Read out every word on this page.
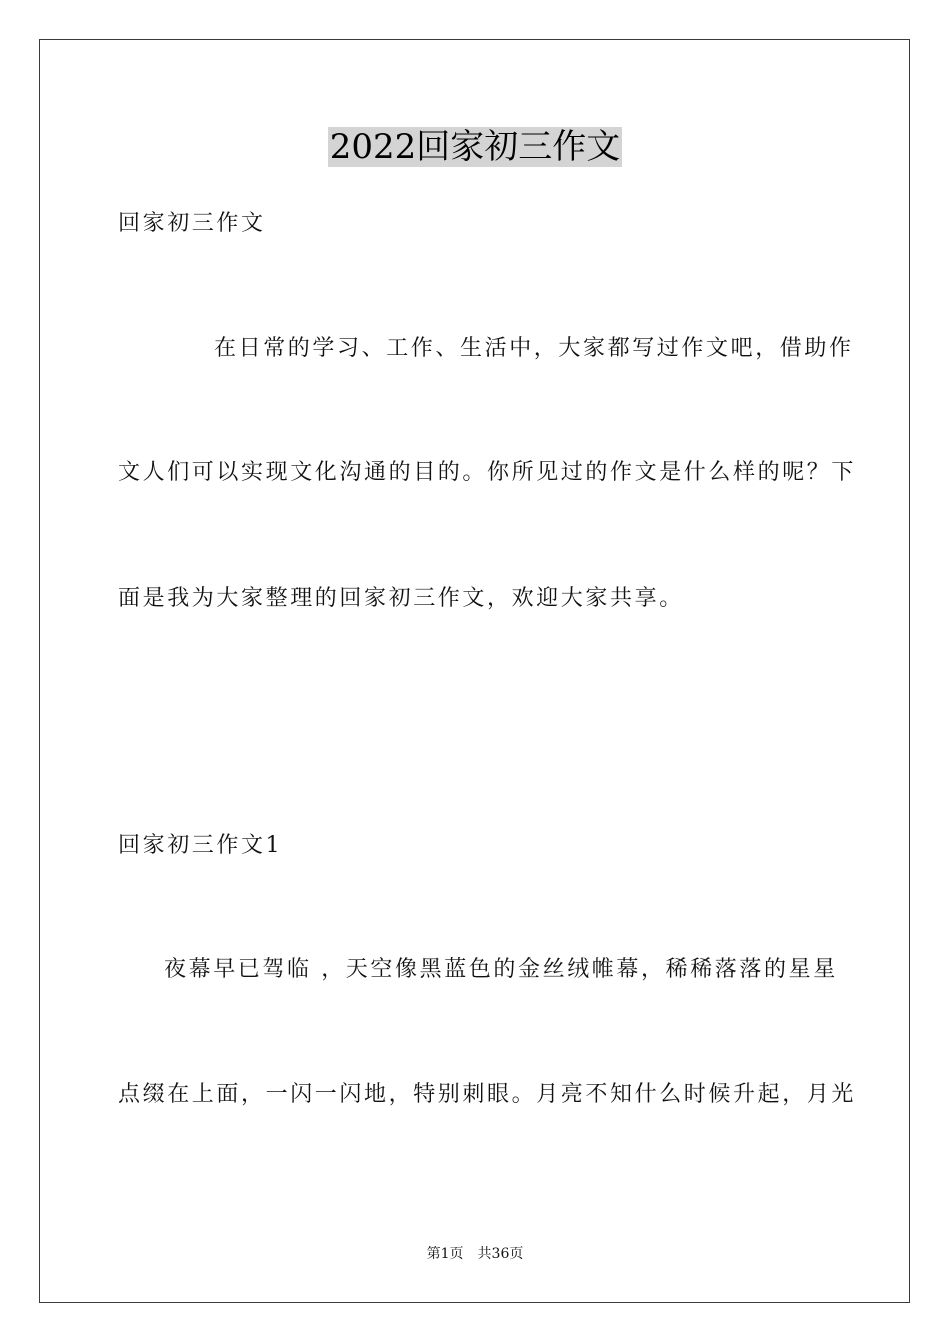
2022回家初三作文
回家初三作文
在日常的学习、工作、生活中，大家都写过作文吧，借助作
文人们可以实现文化沟通的目的。你所见过的作文是什么样的呢？下
面是我为大家整理的回家初三作文，欢迎大家共享。
回家初三作文1
夜幕早已驾临 ，天空像黑蓝色的金丝绒帷幕，稀稀落落的星星
点缀在上面，一闪一闪地，特别刺眼。月亮不知什么时候升起，月光
第1页　共36页
